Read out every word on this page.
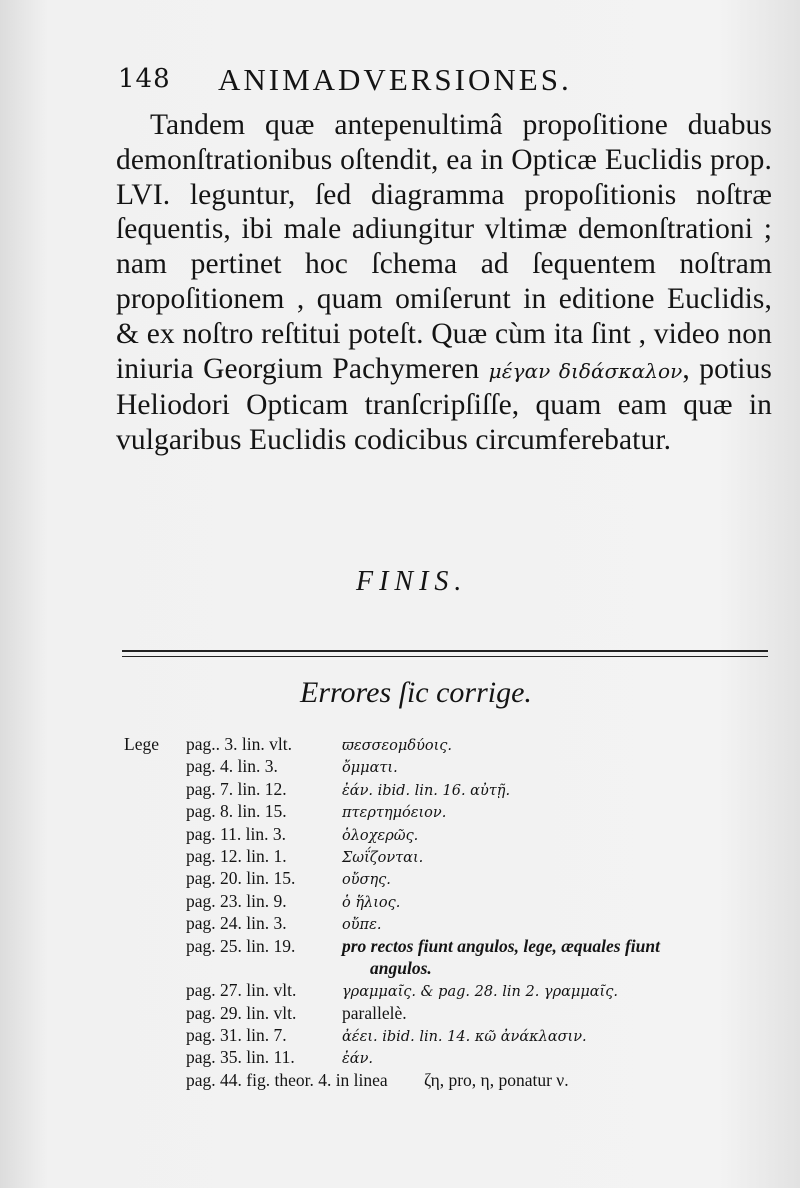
148 ANIMADVERSIONES.
Tandem quæ antepenultimâ propoſitione duabus demonſtrationibus oſtendit, ea in Opticæ Euclidis prop. LVI. leguntur, ſed diagramma propoſitionis noſtræ ſequentis, ibi male adiungitur vltimæ demonſtrationi ; nam pertinet hoc ſchema ad ſequentem noſtram propoſitionem , quam omiſerunt in editione Euclidis, & ex noſtro reſtitui poteſt. Quæ cùm ita ſint , video non iniuria Georgium Pachymeren μέγαν διδάσκαλον, potius Heliodori Opticam tranſcripſiſſe, quam eam quæ in vulgaribus Euclidis codicibus circumferebatur.
FINIS.
Errores ſic corrige.
Lege pag.. 3. lin. vlt.	ϖεσσεομδύοις.
pag. 4. lin. 3.	ὄμματι.
pag. 7. lin. 12.	ἐάν. ibid. lin. 16. αὐτῇ.
pag. 8. lin. 15.	πτερτημόειον.
pag. 11. lin. 3.	ὁλοχερῶς.
pag. 12. lin. 1.	Σωΐζονται.
pag. 20. lin. 15.	οὔσης.
pag. 23. lin. 9.	ὁ ἥλιος.
pag. 24. lin. 3.	οὔπε.
pag. 25. lin. 19.	pro rectos fiunt angulos, lege, æquales fiunt
angulos.
pag. 27. lin. vlt.	γραμμαῖς. & pag. 28. lin 2. γραμμαῖς.
pag. 29. lin. vlt.	parallelè.
pag. 31. lin. 7.	ἀέει. ibid. lin. 14. κῶ ἀνάκλασιν.
pag. 35. lin. 11.	ἐάν.
pag. 44. fig. theor. 4. in linea ζη, pro, η, ponatur ν.
